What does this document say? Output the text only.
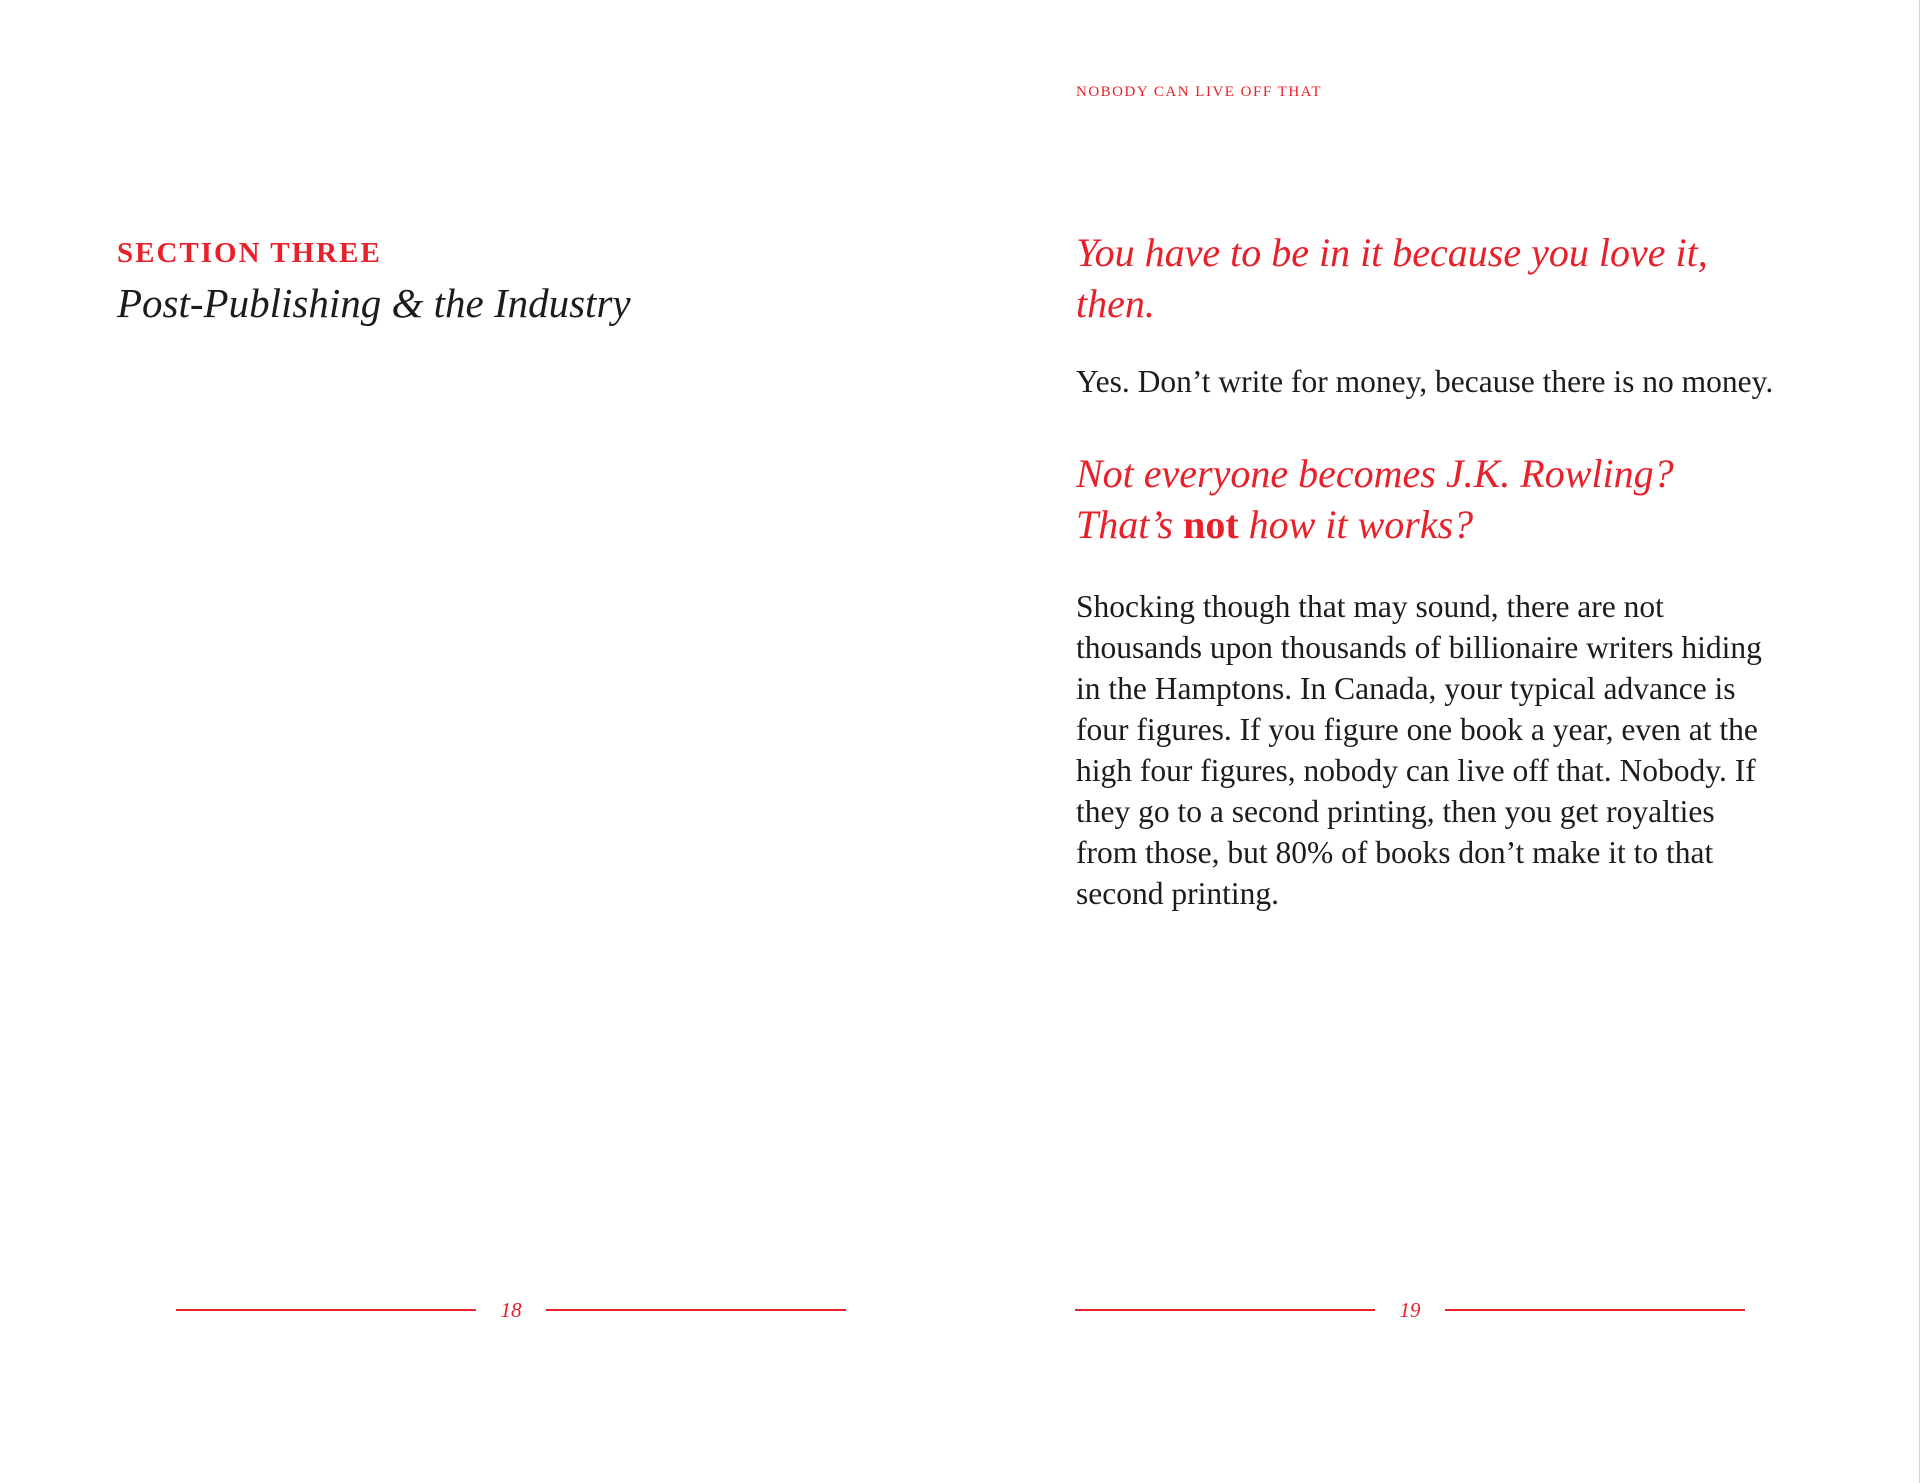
SECTION THREE
Post-Publishing & the Industry
18
NOBODY CAN LIVE OFF THAT

You have to be in it because you love it, then.

Yes. Don’t write for money, because there is no money.

Not everyone becomes J.K. Rowling? That’s not how it works?

Shocking though that may sound, there are not thousands upon thousands of billionaire writers hiding in the Hamptons. In Canada, your typical advance is four figures. If you figure one book a year, even at the high four figures, nobody can live off that. Nobody. If they go to a second printing, then you get royalties from those, but 80% of books don’t make it to that second printing.

19
